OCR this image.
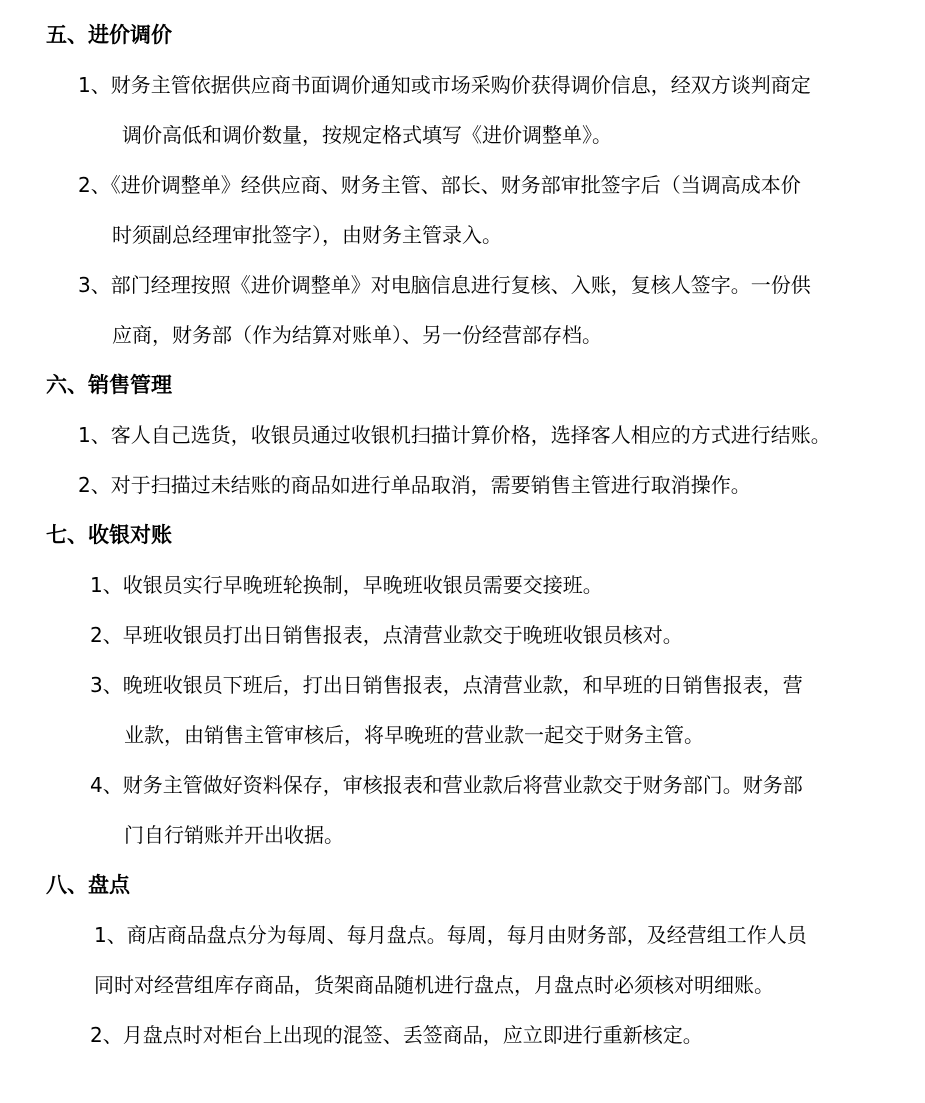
五、进价调价
1、财务主管依据供应商书面调价通知或市场采购价获得调价信息，经双方谈判商定
调价高低和调价数量，按规定格式填写《进价调整单》。
2、《进价调整单》经供应商、财务主管、部长、财务部审批签字后（当调高成本价
时须副总经理审批签字），由财务主管录入。
3、部门经理按照《进价调整单》对电脑信息进行复核、入账，复核人签字。一份供
应商，财务部（作为结算对账单）、另一份经营部存档。
六、销售管理
1、客人自己选货，收银员通过收银机扫描计算价格，选择客人相应的方式进行结账。
2、对于扫描过未结账的商品如进行单品取消，需要销售主管进行取消操作。
七、收银对账
1、收银员实行早晚班轮换制，早晚班收银员需要交接班。
2、早班收银员打出日销售报表，点清营业款交于晚班收银员核对。
3、晚班收银员下班后，打出日销售报表，点清营业款，和早班的日销售报表，营
业款，由销售主管审核后，将早晚班的营业款一起交于财务主管。
4、财务主管做好资料保存，审核报表和营业款后将营业款交于财务部门。财务部
门自行销账并开出收据。
八、盘点
1、商店商品盘点分为每周、每月盘点。每周，每月由财务部，及经营组工作人员
同时对经营组库存商品，货架商品随机进行盘点，月盘点时必须核对明细账。
2、月盘点时对柜台上出现的混签、丢签商品，应立即进行重新核定。
